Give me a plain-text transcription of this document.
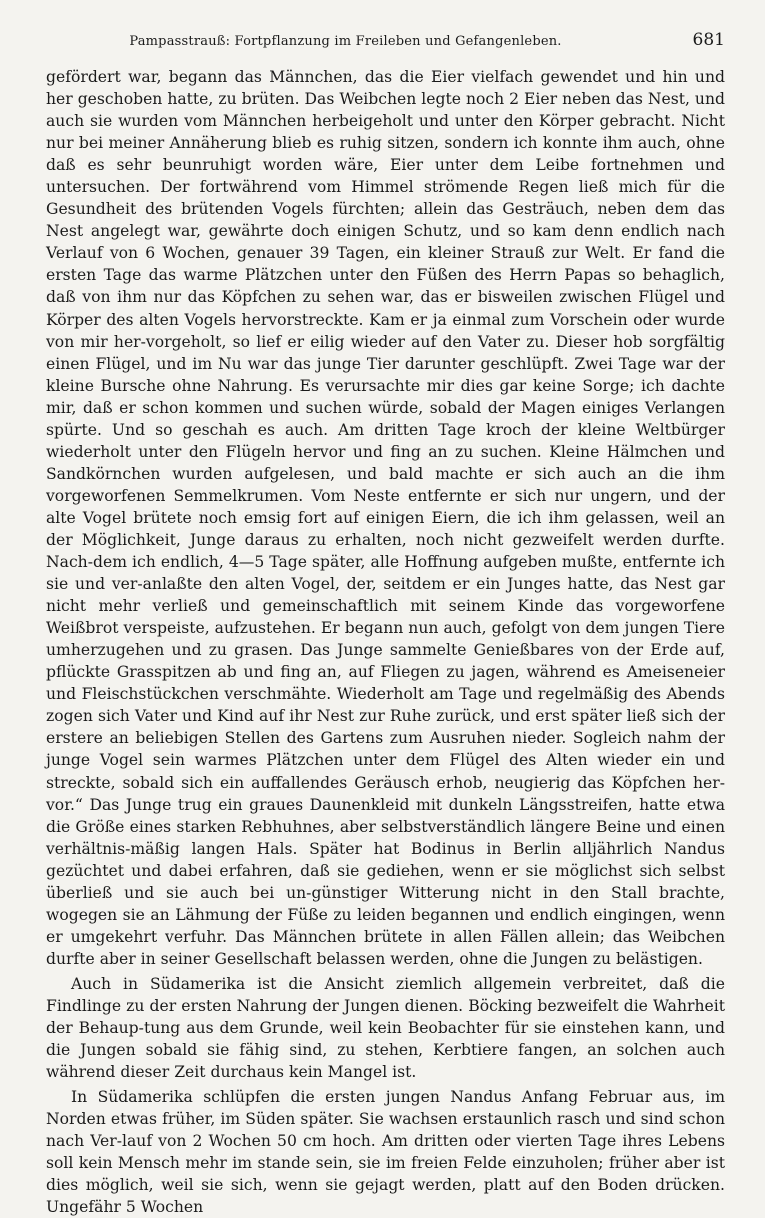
Pampasstrauß: Fortpflanzung im Freileben und Gefangenleben.	681

gefördert war, begann das Männchen, das die Eier vielfach gewendet und hin und her geschoben hatte, zu brüten. Das Weibchen legte noch 2 Eier neben das Nest, und auch sie wurden vom Männchen herbeigeholt und unter den Körper gebracht. Nicht nur bei meiner Annäherung blieb es ruhig sitzen, sondern ich konnte ihm auch, ohne daß es sehr beunruhigt worden wäre, Eier unter dem Leibe fortnehmen und untersuchen. Der fortwährend vom Himmel strömende Regen ließ mich für die Gesundheit des brütenden Vogels fürchten; allein das Gesträuch, neben dem das Nest angelegt war, gewährte doch einigen Schutz, und so kam denn endlich nach Verlauf von 6 Wochen, genauer 39 Tagen, ein kleiner Strauß zur Welt. Er fand die ersten Tage das warme Plätzchen unter den Füßen des Herrn Papas so behaglich, daß von ihm nur das Köpfchen zu sehen war, das er bisweilen zwischen Flügel und Körper des alten Vogels hervorstreckte. Kam er ja einmal zum Vorschein oder wurde von mir her-vorgeholt, so lief er eilig wieder auf den Vater zu. Dieser hob sorgfältig einen Flügel, und im Nu war das junge Tier darunter geschlüpft. Zwei Tage war der kleine Bursche ohne Nahrung. Es verursachte mir dies gar keine Sorge; ich dachte mir, daß er schon kommen und suchen würde, sobald der Magen einiges Verlangen spürte. Und so geschah es auch. Am dritten Tage kroch der kleine Weltbürger wiederholt unter den Flügeln hervor und fing an zu suchen. Kleine Hälmchen und Sandkörnchen wurden aufgelesen, und bald machte er sich auch an die ihm vorgeworfenen Semmelkrumen. Vom Neste entfernte er sich nur ungern, und der alte Vogel brütete noch emsig fort auf einigen Eiern, die ich ihm gelassen, weil an der Möglichkeit, Junge daraus zu erhalten, noch nicht gezweifelt werden durfte. Nach-dem ich endlich, 4—5 Tage später, alle Hoffnung aufgeben mußte, entfernte ich sie und ver-anlaßte den alten Vogel, der, seitdem er ein Junges hatte, das Nest gar nicht mehr verließ und gemeinschaftlich mit seinem Kinde das vorgeworfene Weißbrot verspeiste, aufzustehen. Er begann nun auch, gefolgt von dem jungen Tiere umherzugehen und zu grasen. Das Junge sammelte Genießbares von der Erde auf, pflückte Grasspitzen ab und fing an, auf Fliegen zu jagen, während es Ameiseneier und Fleischstückchen verschmähte. Wiederholt am Tage und regelmäßig des Abends zogen sich Vater und Kind auf ihr Nest zur Ruhe zurück, und erst später ließ sich der erstere an beliebigen Stellen des Gartens zum Ausruhen nieder. Sogleich nahm der junge Vogel sein warmes Plätzchen unter dem Flügel des Alten wieder ein und streckte, sobald sich ein auffallendes Geräusch erhob, neugierig das Köpfchen her-vor.“ Das Junge trug ein graues Daunenkleid mit dunkeln Längsstreifen, hatte etwa die Größe eines starken Rebhuhnes, aber selbstverständlich längere Beine und einen verhältnis-mäßig langen Hals. Später hat Bodinus in Berlin alljährlich Nandus gezüchtet und dabei erfahren, daß sie gediehen, wenn er sie möglichst sich selbst überließ und sie auch bei un-günstiger Witterung nicht in den Stall brachte, wogegen sie an Lähmung der Füße zu leiden begannen und endlich eingingen, wenn er umgekehrt verfuhr. Das Männchen brütete in allen Fällen allein; das Weibchen durfte aber in seiner Gesellschaft belassen werden, ohne die Jungen zu belästigen.

Auch in Südamerika ist die Ansicht ziemlich allgemein verbreitet, daß die Findlinge zu der ersten Nahrung der Jungen dienen. Böcking bezweifelt die Wahrheit der Behaup-tung aus dem Grunde, weil kein Beobachter für sie einstehen kann, und die Jungen sobald sie fähig sind, zu stehen, Kerbtiere fangen, an solchen auch während dieser Zeit durchaus kein Mangel ist.

In Südamerika schlüpfen die ersten jungen Nandus Anfang Februar aus, im Norden etwas früher, im Süden später. Sie wachsen erstaunlich rasch und sind schon nach Ver-lauf von 2 Wochen 50 cm hoch. Am dritten oder vierten Tage ihres Lebens soll kein Mensch mehr im stande sein, sie im freien Felde einzuholen; früher aber ist dies möglich, weil sie sich, wenn sie gejagt werden, platt auf den Boden drücken. Ungefähr 5 Wochen
